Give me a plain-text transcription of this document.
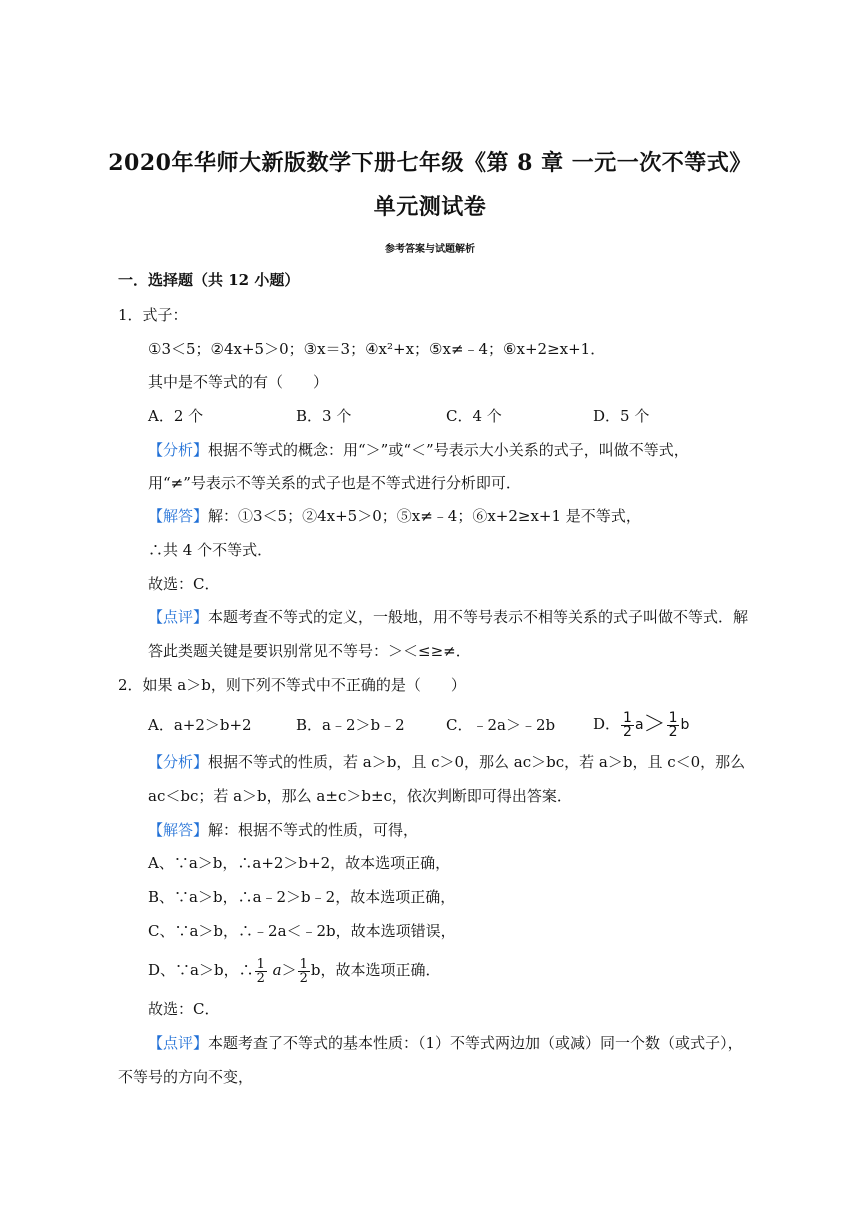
2020年华师大新版数学下册七年级《第 8 章 一元一次不等式》
单元测试卷
参考答案与试题解析
一．选择题（共 12 小题）
1．式子：
①3＜5；②4x+5＞0；③x＝3；④x²+x；⑤x≠﹣4；⑥x+2≥x+1．
其中是不等式的有（　　）
A．2 个	B．3 个	C．4 个	D．5 个
【分析】根据不等式的概念：用“＞”或“＜”号表示大小关系的式子，叫做不等式，
用“≠”号表示不等关系的式子也是不等式进行分析即可．
【解答】解：①3＜5；②4x+5＞0；⑤x≠﹣4；⑥x+2≥x+1 是不等式，
∴共 4 个不等式．
故选：C．
【点评】本题考查不等式的定义，一般地，用不等号表示不相等关系的式子叫做不等式．解
答此类题关键是要识别常见不等号：＞＜≤≥≠．
2．如果 a＞b，则下列不等式中不正确的是（　　）
A．a+2＞b+2	B．a﹣2＞b﹣2	C．﹣2a＞﹣2b	D． $\frac{1}{2} a> \frac{1}{2}$ b
【分析】根据不等式的性质，若 a＞b，且 c＞0，那么 ac＞bc，若 a＞b，且 c＜0，那么
ac＜bc；若 a＞b，那么 a±c＞b±c，依次判断即可得出答案．
【解答】解：根据不等式的性质，可得，
A、∵a＞b，∴a+2＞b+2，故本选项正确，
B、∵a＞b，∴a﹣2＞b﹣2，故本选项正确，
C、∵a＞b，∴﹣2a＜﹣2b，故本选项错误，
D、∵a＞b，∴ $\frac{1}{2} a> \frac{1}{2}$ b，故本选项正确．
故选：C．
【点评】本题考查了不等式的基本性质：（1）不等式两边加（或减）同一个数（或式子），
不等号的方向不变，
